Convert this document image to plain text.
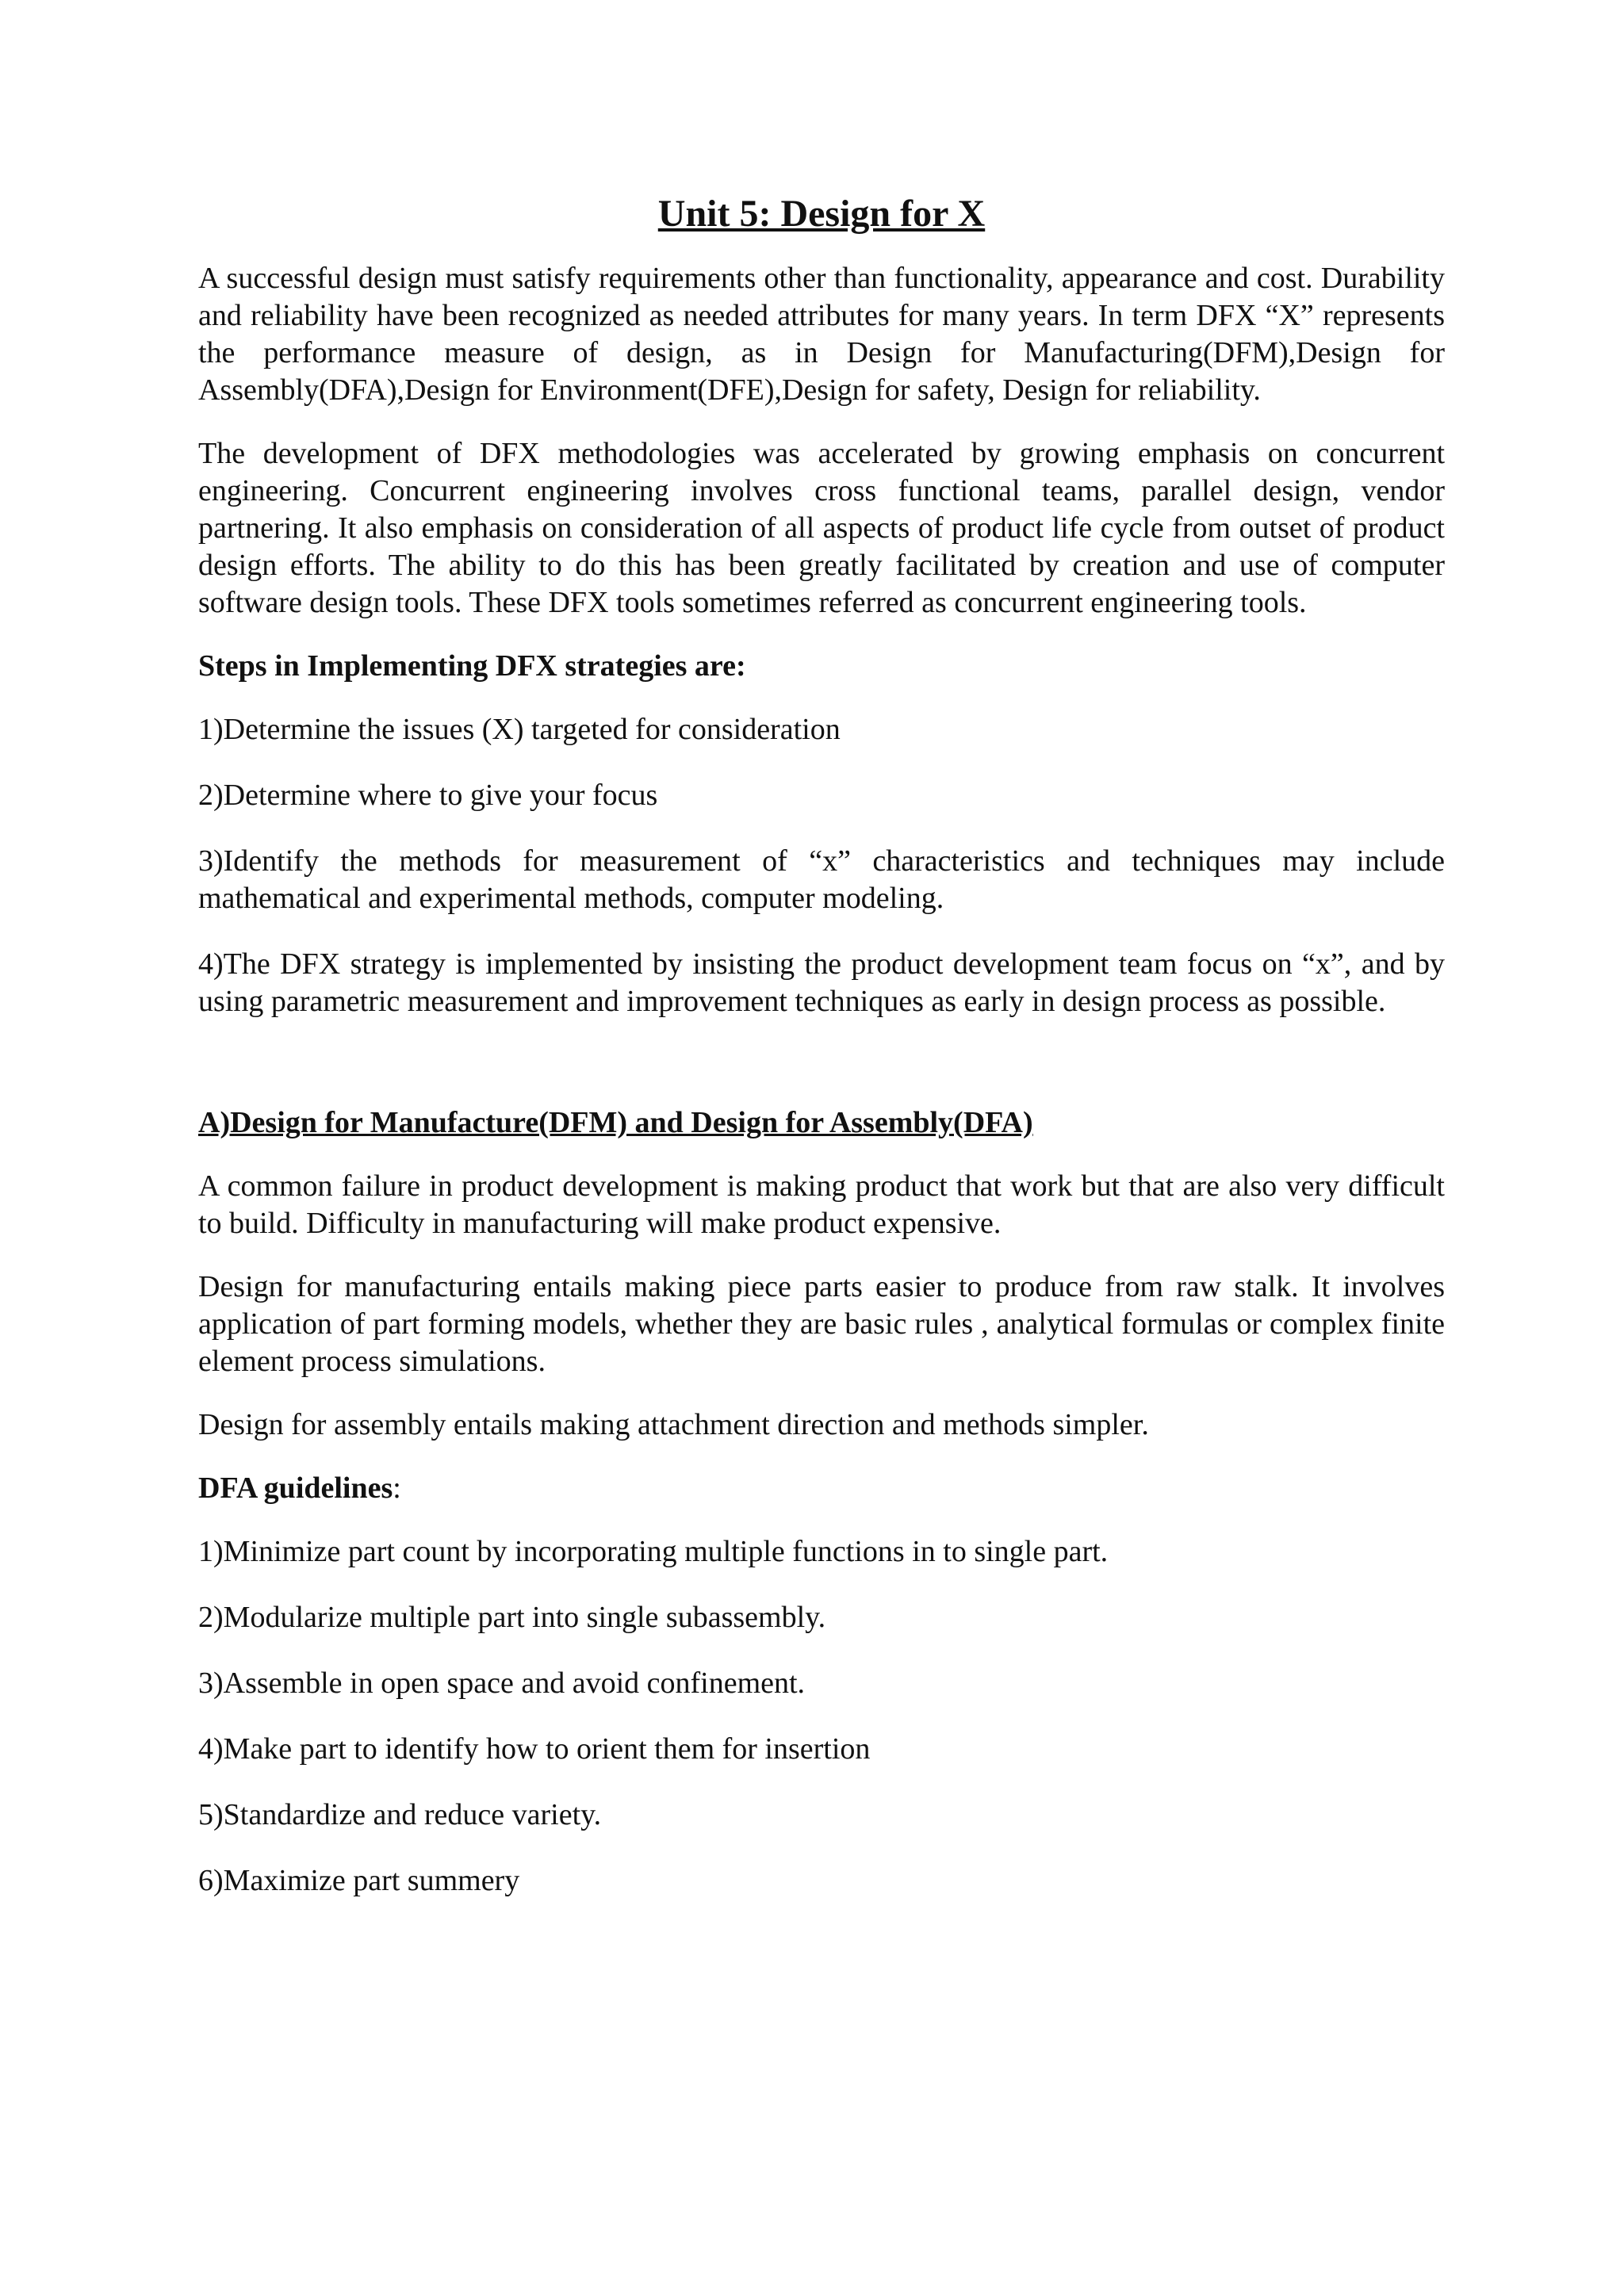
Unit 5: Design for X

A successful design must satisfy requirements other than functionality, appearance and cost. Durability and reliability have been recognized as needed attributes for many years. In term DFX “X” represents the performance measure of design, as in Design for Manufacturing(DFM),Design for Assembly(DFA),Design for Environment(DFE),Design for safety, Design for reliability.

The development of DFX methodologies was accelerated by growing emphasis on concurrent engineering. Concurrent engineering involves cross functional teams, parallel design, vendor partnering. It also emphasis on consideration of all aspects of product life cycle from outset of product design efforts. The ability to do this has been greatly facilitated by creation and use of computer software design tools. These DFX tools sometimes referred as concurrent engineering tools.

Steps in Implementing DFX strategies are:

1)Determine the issues (X) targeted for consideration

2)Determine where to give your focus

3)Identify the methods for measurement of “x” characteristics and techniques may include mathematical and experimental methods, computer modeling.

4)The DFX strategy is implemented by insisting the product development team focus on “x”, and by using parametric measurement and improvement techniques as early in design process as possible.

A)Design for Manufacture(DFM) and Design for Assembly(DFA)

A common failure in product development is making product that work but that are also very difficult to build. Difficulty in manufacturing will make product expensive.

Design for manufacturing entails making piece parts easier to produce from raw stalk. It involves application of part forming models, whether they are basic rules , analytical formulas or complex finite element process simulations.

Design for assembly entails making attachment direction and methods simpler.

DFA guidelines:

1)Minimize part count by incorporating multiple functions in to single part.

2)Modularize multiple part into single subassembly.

3)Assemble in open space and avoid confinement.

4)Make part to identify how to orient them for insertion

5)Standardize and reduce variety.

6)Maximize part summery
